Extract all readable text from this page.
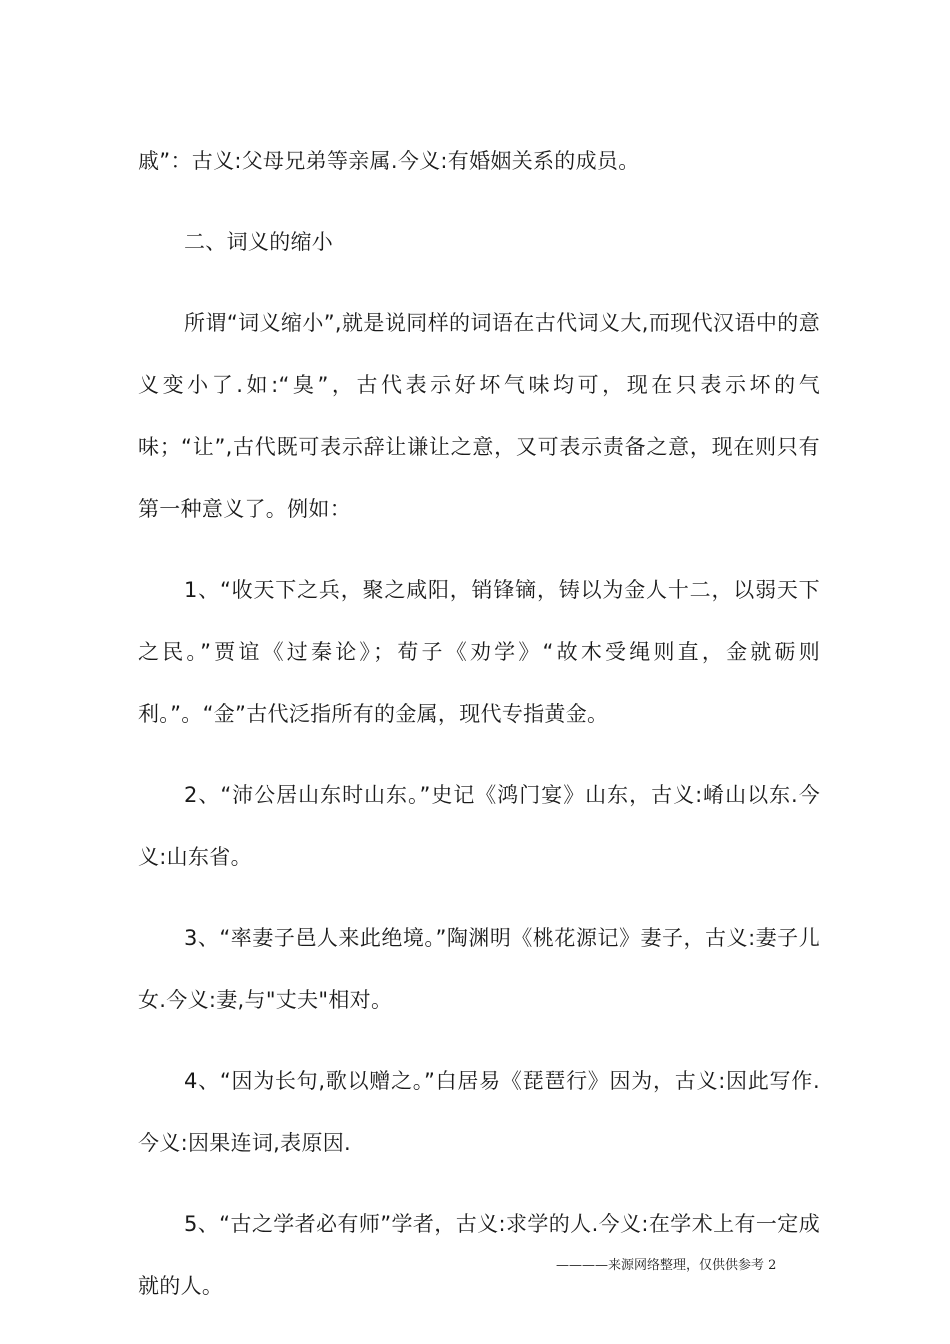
戚”：古义:父母兄弟等亲属.今义:有婚姻关系的成员。

二、词义的缩小

所谓“词义缩小”,就是说同样的词语在古代词义大,而现代汉语中的意义变小了.如:“臭”，古代表示好坏气味均可，现在只表示坏的气味；“让”,古代既可表示辞让谦让之意，又可表示责备之意，现在则只有第一种意义了。例如：

1、“收天下之兵，聚之咸阳，销锋镝，铸以为金人十二，以弱天下之民。”贾谊《过秦论》；荀子《劝学》“故木受绳则直，金就砺则利。”。“金”古代泛指所有的金属，现代专指黄金。

2、“沛公居山东时山东。”史记《鸿门宴》山东，古义:崤山以东.今义:山东省。

3、“率妻子邑人来此绝境。”陶渊明《桃花源记》妻子，古义:妻子儿女.今义:妻,与"丈夫"相对。

4、“因为长句,歌以赠之。”白居易《琵琶行》因为，古义:因此写作.今义:因果连词,表原因.

5、“古之学者必有师”学者，古义:求学的人.今义:在学术上有一定成就的人。

————来源网络整理，仅供供参考 2
